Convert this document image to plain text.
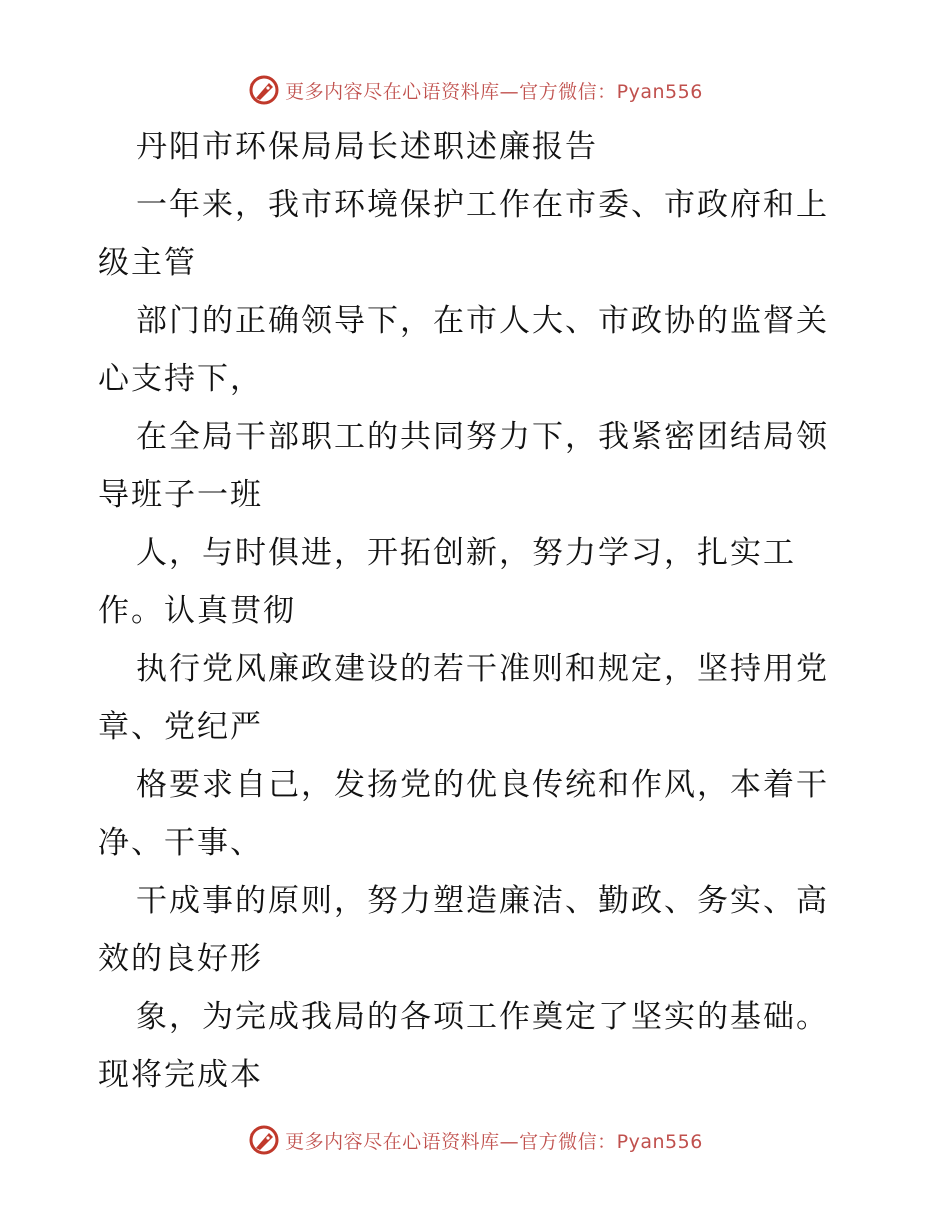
更多内容尽在心语资料库—官方微信：Pyan556
丹阳市环保局局长述职述廉报告
一年来，我市环境保护工作在市委、市政府和上
级主管
部门的正确领导下，在市人大、市政协的监督关
心支持下，
在全局干部职工的共同努力下，我紧密团结局领
导班子一班
人，与时俱进，开拓创新，努力学习，扎实工
作。认真贯彻
执行党风廉政建设的若干准则和规定，坚持用党
章、党纪严
格要求自己，发扬党的优良传统和作风，本着干
净、干事、
干成事的原则，努力塑造廉洁、勤政、务实、高
效的良好形
象，为完成我局的各项工作奠定了坚实的基础。
现将完成本
更多内容尽在心语资料库—官方微信：Pyan556
